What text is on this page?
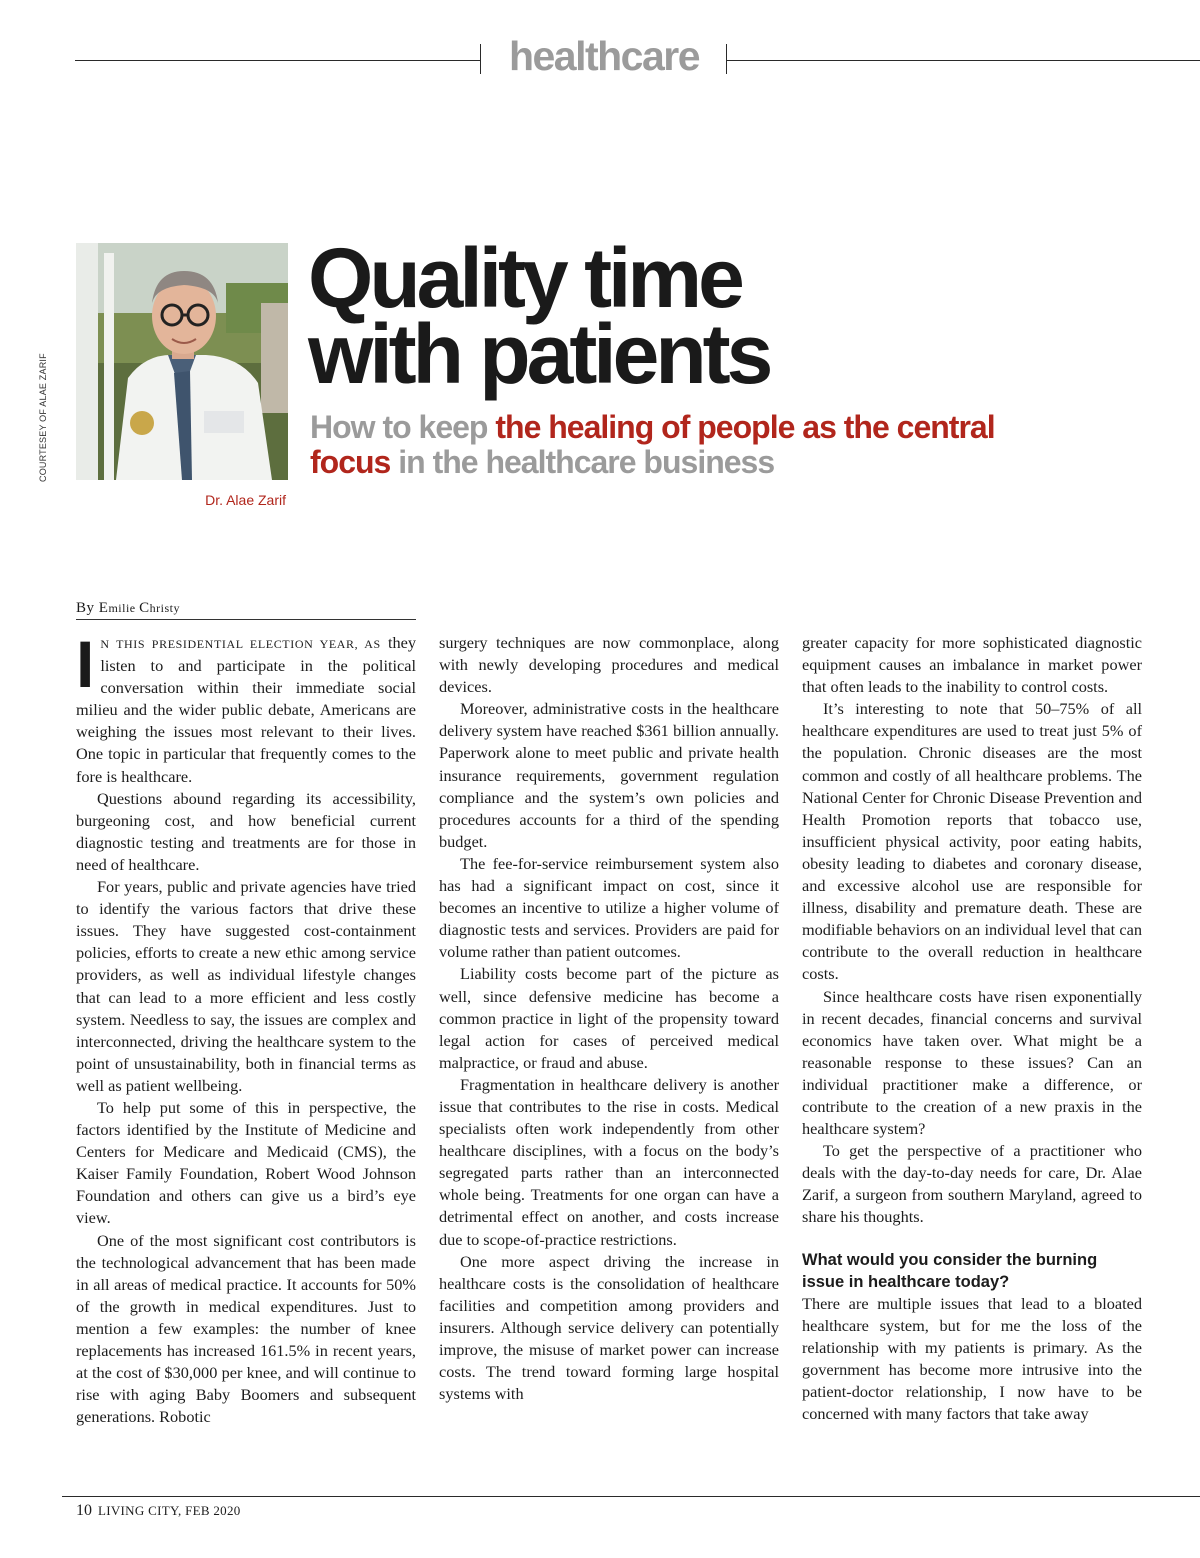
healthcare
COURTESEY OF ALAE ZARIF
Dr. Alae Zarif
Quality time
with patients
How to keep the healing of people as the central focus in the healthcare business
By Emilie Christy

I N THIS PRESIDENTIAL ELECTION YEAR, AS they listen to and participate in the political conversation within their immediate social milieu and the wider public debate, Americans are weighing the issues most relevant to their lives. One topic in particular that frequently comes to the fore is healthcare.

Questions abound regarding its accessibility, burgeoning cost, and how beneficial current diagnostic testing and treatments are for those in need of healthcare.

For years, public and private agencies have tried to identify the various factors that drive these issues. They have suggested cost-containment policies, efforts to create a new ethic among service providers, as well as individual lifestyle changes that can lead to a more efficient and less costly system. Needless to say, the issues are complex and interconnected, driving the healthcare system to the point of unsustainability, both in financial terms as well as patient wellbeing.

To help put some of this in perspective, the factors identified by the Institute of Medicine and Centers for Medicare and Medicaid (CMS), the Kaiser Family Foundation, Robert Wood Johnson Foundation and others can give us a bird’s eye view.

One of the most significant cost contributors is the technological advancement that has been made in all areas of medical practice. It accounts for 50% of the growth in medical expenditures. Just to mention a few examples: the number of knee replacements has increased 161.5% in recent years, at the cost of $30,000 per knee, and will continue to rise with aging Baby Boomers and subsequent generations. Robotic

surgery techniques are now commonplace, along with newly developing procedures and medical devices.

Moreover, administrative costs in the healthcare delivery system have reached $361 billion annually. Paperwork alone to meet public and private health insurance requirements, government regulation compliance and the system’s own policies and procedures accounts for a third of the spending budget.

The fee-for-service reimbursement system also has had a significant impact on cost, since it becomes an incentive to utilize a higher volume of diagnostic tests and services. Providers are paid for volume rather than patient outcomes.

Liability costs become part of the picture as well, since defensive medicine has become a common practice in light of the propensity toward legal action for cases of perceived medical malpractice, or fraud and abuse.

Fragmentation in healthcare delivery is another issue that contributes to the rise in costs. Medical specialists often work independently from other healthcare disciplines, with a focus on the body’s segregated parts rather than an interconnected whole being. Treatments for one organ can have a detrimental effect on another, and costs increase due to scope-of-practice restrictions.

One more aspect driving the increase in healthcare costs is the consolidation of healthcare facilities and competition among providers and insurers. Although service delivery can potentially improve, the misuse of market power can increase costs. The trend toward forming large hospital systems with

greater capacity for more sophisticated diagnostic equipment causes an imbalance in market power that often leads to the inability to control costs.

It’s interesting to note that 50–75% of all healthcare expenditures are used to treat just 5% of the population. Chronic diseases are the most common and costly of all healthcare problems. The National Center for Chronic Disease Prevention and Health Promotion reports that tobacco use, insufficient physical activity, poor eating habits, obesity leading to diabetes and coronary disease, and excessive alcohol use are responsible for illness, disability and premature death. These are modifiable behaviors on an individual level that can contribute to the overall reduction in healthcare costs.

Since healthcare costs have risen exponentially in recent decades, financial concerns and survival economics have taken over. What might be a reasonable response to these issues? Can an individual practitioner make a difference, or contribute to the creation of a new praxis in the healthcare system?

To get the perspective of a practitioner who deals with the day-to-day needs for care, Dr. Alae Zarif, a surgeon from southern Maryland, agreed to share his thoughts.

What would you consider the burning issue in healthcare today?

There are multiple issues that lead to a bloated healthcare system, but for me the loss of the relationship with my patients is primary. As the government has become more intrusive into the patient-doctor relationship, I now have to be concerned with many factors that take away

10 LIVING CITY, FEB 2020
